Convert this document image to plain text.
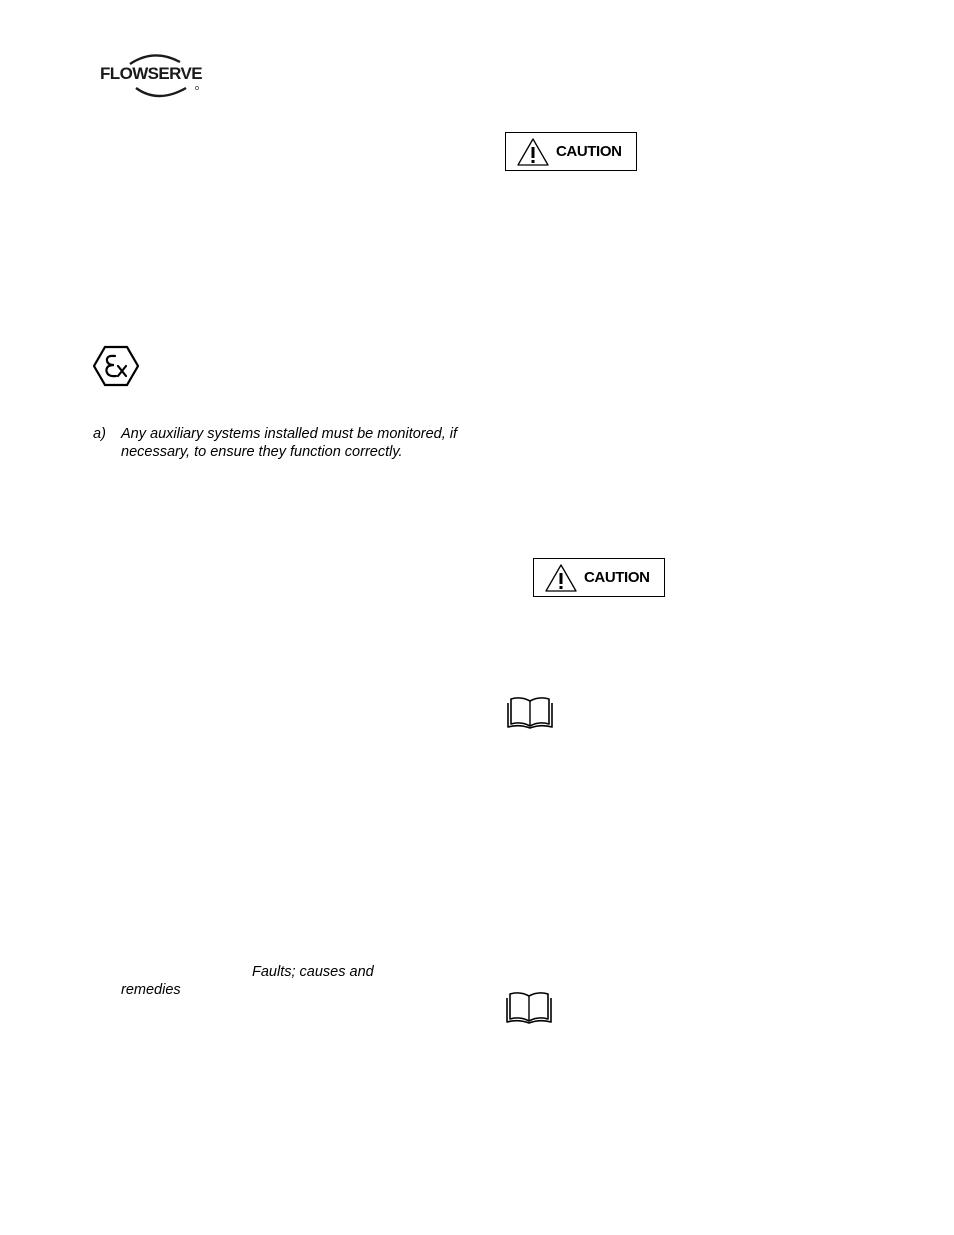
FLOWSERVE
CAUTION
a) Any auxiliary systems installed must be monitored, if necessary, to ensure they function correctly.
CAUTION
Faults; causes and
remedies
